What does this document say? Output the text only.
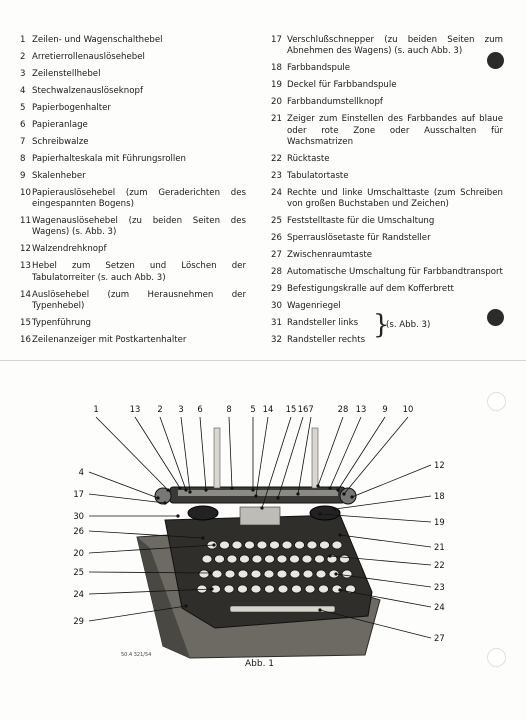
1 Zeilen- und Wagenschalthebel
2 Arretierrollenauslösehebel
3 Zeilenstellhebel
4 Stechwalzenauslöseknopf
5 Papierbogenhalter
6 Papieranlage
7 Schreibwalze
8 Papierhalteskala mit Führungsrollen
9 Skalenheber
10 Papierauslösehebel (zum Geraderichten des eingespannten Bogens)
11 Wagenauslösehebel (zu beiden Seiten des Wagens) (s. Abb. 3)
12 Walzendrehknopf
13 Hebel zum Setzen und Löschen der Tabulatorreiter (s. auch Abb. 3)
14 Auslösehebel (zum Herausnehmen der Typenhebel)
15 Typenführung
16 Zeilenanzeiger mit Postkartenhalter
17 Verschlußschnepper (zu beiden Seiten zum Abnehmen des Wagens) (s. auch Abb. 3)
18 Farbbandspule
19 Deckel für Farbbandspule
20 Farbbandumstellknopf
21 Zeiger zum Einstellen des Farbbandes auf blaue oder rote Zone oder Ausschalten für Wachsmatrizen
22 Rücktaste
23 Tabulatortaste
24 Rechte und linke Umschalttaste (zum Schreiben von großen Buchstaben und Zeichen)
25 Feststelltaste für die Umschaltung
26 Sperrauslösetaste für Randsteller
27 Zwischenraumtaste
28 Automatische Umschaltung für Farbbandtransport
29 Befestigungskralle auf dem Kofferbrett
30 Wagenriegel
31 Randsteller links
32 Randsteller rechts }
(s. Abb. 3)
1	13 2 3 6	8 5 14 15 16 7	28 13 9 10
4
17
30
26
20
25
24
29
12
18
19
21
22
23
24
27
50.4 321/54
Abb. 1
